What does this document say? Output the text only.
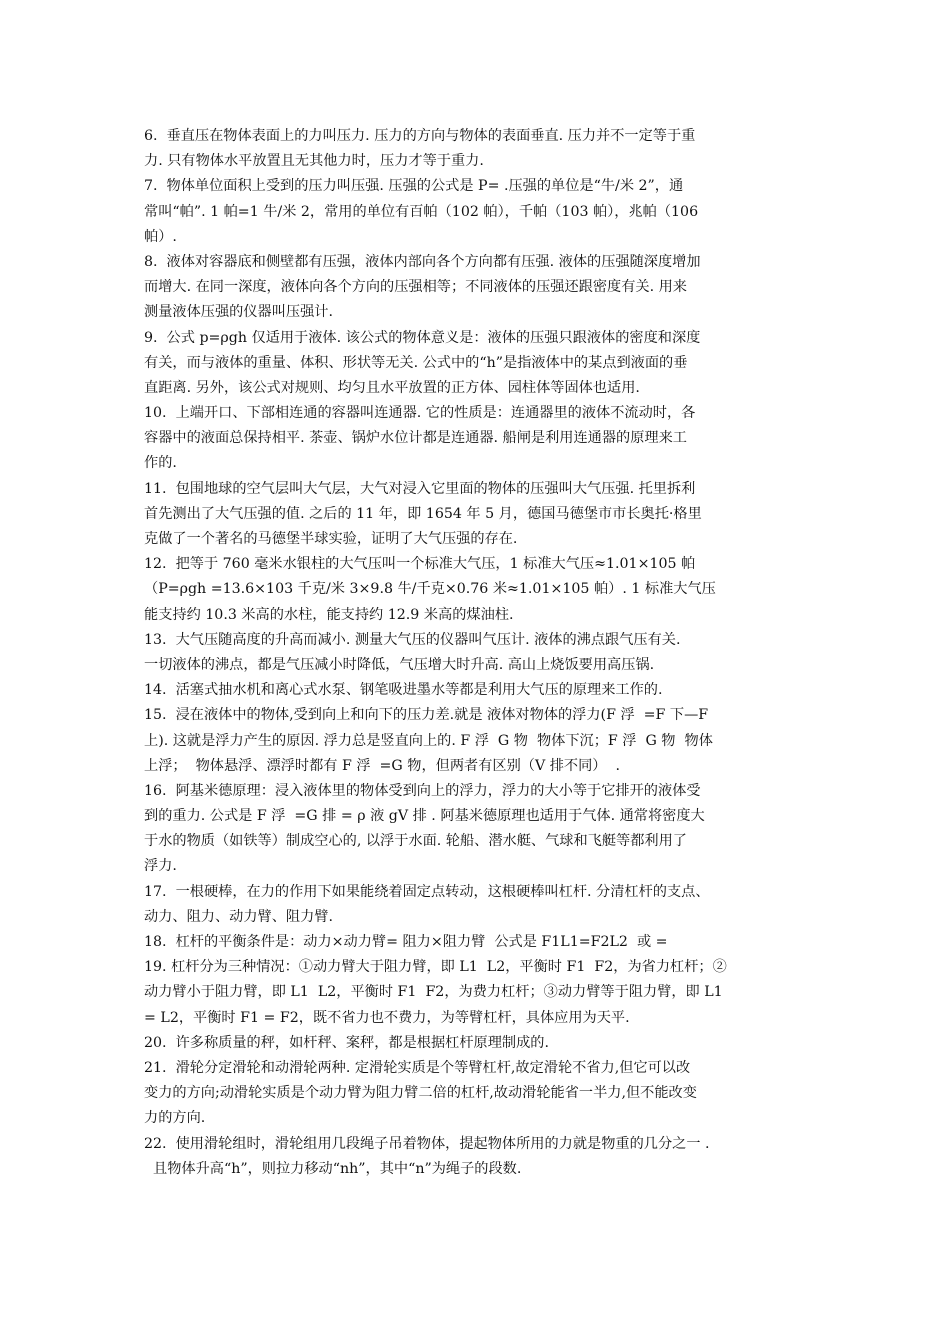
6.  垂直压在物体表面上的力叫压力. 压力的方向与物体的表面垂直. 压力并不一定等于重
力. 只有物体水平放置且无其他力时，压力才等于重力.
7.  物体单位面积上受到的压力叫压强. 压强的公式是 P= .压强的单位是“牛/米 2”，通
常叫“帕”. 1 帕=1 牛/米 2，常用的单位有百帕（102 帕），千帕（103 帕），兆帕（106
帕）.
8.  液体对容器底和侧壁都有压强，液体内部向各个方向都有压强. 液体的压强随深度增加
而增大. 在同一深度，液体向各个方向的压强相等；不同液体的压强还跟密度有关. 用来
测量液体压强的仪器叫压强计.
9.  公式 p=ρgh 仅适用于液体. 该公式的物体意义是：液体的压强只跟液体的密度和深度
有关，而与液体的重量、体积、形状等无关. 公式中的“h”是指液体中的某点到液面的垂
直距离. 另外，该公式对规则、均匀且水平放置的正方体、园柱体等固体也适用.
10.  上端开口、下部相连通的容器叫连通器. 它的性质是：连通器里的液体不流动时，各
容器中的液面总保持相平. 茶壶、锅炉水位计都是连通器. 船闸是利用连通器的原理来工
作的.
11.  包围地球的空气层叫大气层，大气对浸入它里面的物体的压强叫大气压强. 托里拆利
首先测出了大气压强的值. 之后的 11 年，即 1654 年 5 月，德国马德堡市市长奥托·格里
克做了一个著名的马德堡半球实验，证明了大气压强的存在.
12.  把等于 760 毫米水银柱的大气压叫一个标准大气压，1 标准大气压≈1.01×105 帕
（P=ρgh =13.6×103 千克/米 3×9.8 牛/千克×0.76 米≈1.01×105 帕）. 1 标准大气压
能支持约 10.3 米高的水柱，能支持约 12.9 米高的煤油柱.
13.  大气压随高度的升高而减小. 测量大气压的仪器叫气压计. 液体的沸点跟气压有关.
一切液体的沸点，都是气压减小时降低，气压增大时升高. 高山上烧饭要用高压锅.
14.  活塞式抽水机和离心式水泵、钢笔吸进墨水等都是利用大气压的原理来工作的.
15.  浸在液体中的物体,受到向上和向下的压力差.就是 液体对物体的浮力(F 浮  =F 下—F
上). 这就是浮力产生的原因. 浮力总是竖直向上的. F 浮  G 物  物体下沉；F 浮  G 物  物体
上浮；  物体悬浮、漂浮时都有 F 浮  =G 物，但两者有区别（V 排不同）  .
16.  阿基米德原理：浸入液体里的物体受到向上的浮力，浮力的大小等于它排开的液体受
到的重力. 公式是 F 浮  =G 排 = ρ 液 gV 排 . 阿基米德原理也适用于气体. 通常将密度大
于水的物质（如铁等）制成空心的, 以浮于水面. 轮船、潜水艇、气球和飞艇等都利用了
浮力.
17.  一根硬棒，在力的作用下如果能绕着固定点转动，这根硬棒叫杠杆. 分清杠杆的支点、
动力、阻力、动力臂、阻力臂.
18.  杠杆的平衡条件是：动力×动力臂= 阻力×阻力臂  公式是 F1L1=F2L2  或 =
19. 杠杆分为三种情况：①动力臂大于阻力臂，即 L1  L2，平衡时 F1  F2，为省力杠杆；②
动力臂小于阻力臂，即 L1  L2，平衡时 F1  F2，为费力杠杆；③动力臂等于阻力臂，即 L1
= L2，平衡时 F1 = F2，既不省力也不费力，为等臂杠杆，具体应用为天平.
20.  许多称质量的秤，如杆秤、案秤，都是根据杠杆原理制成的.
21.  滑轮分定滑轮和动滑轮两种. 定滑轮实质是个等臂杠杆,故定滑轮不省力,但它可以改
变力的方向;动滑轮实质是个动力臂为阻力臂二倍的杠杆,故动滑轮能省一半力,但不能改变
力的方向.
22.  使用滑轮组时，滑轮组用几段绳子吊着物体，提起物体所用的力就是物重的几分之一 .
且物体升高“h”，则拉力移动“nh”，其中“n”为绳子的段数.
